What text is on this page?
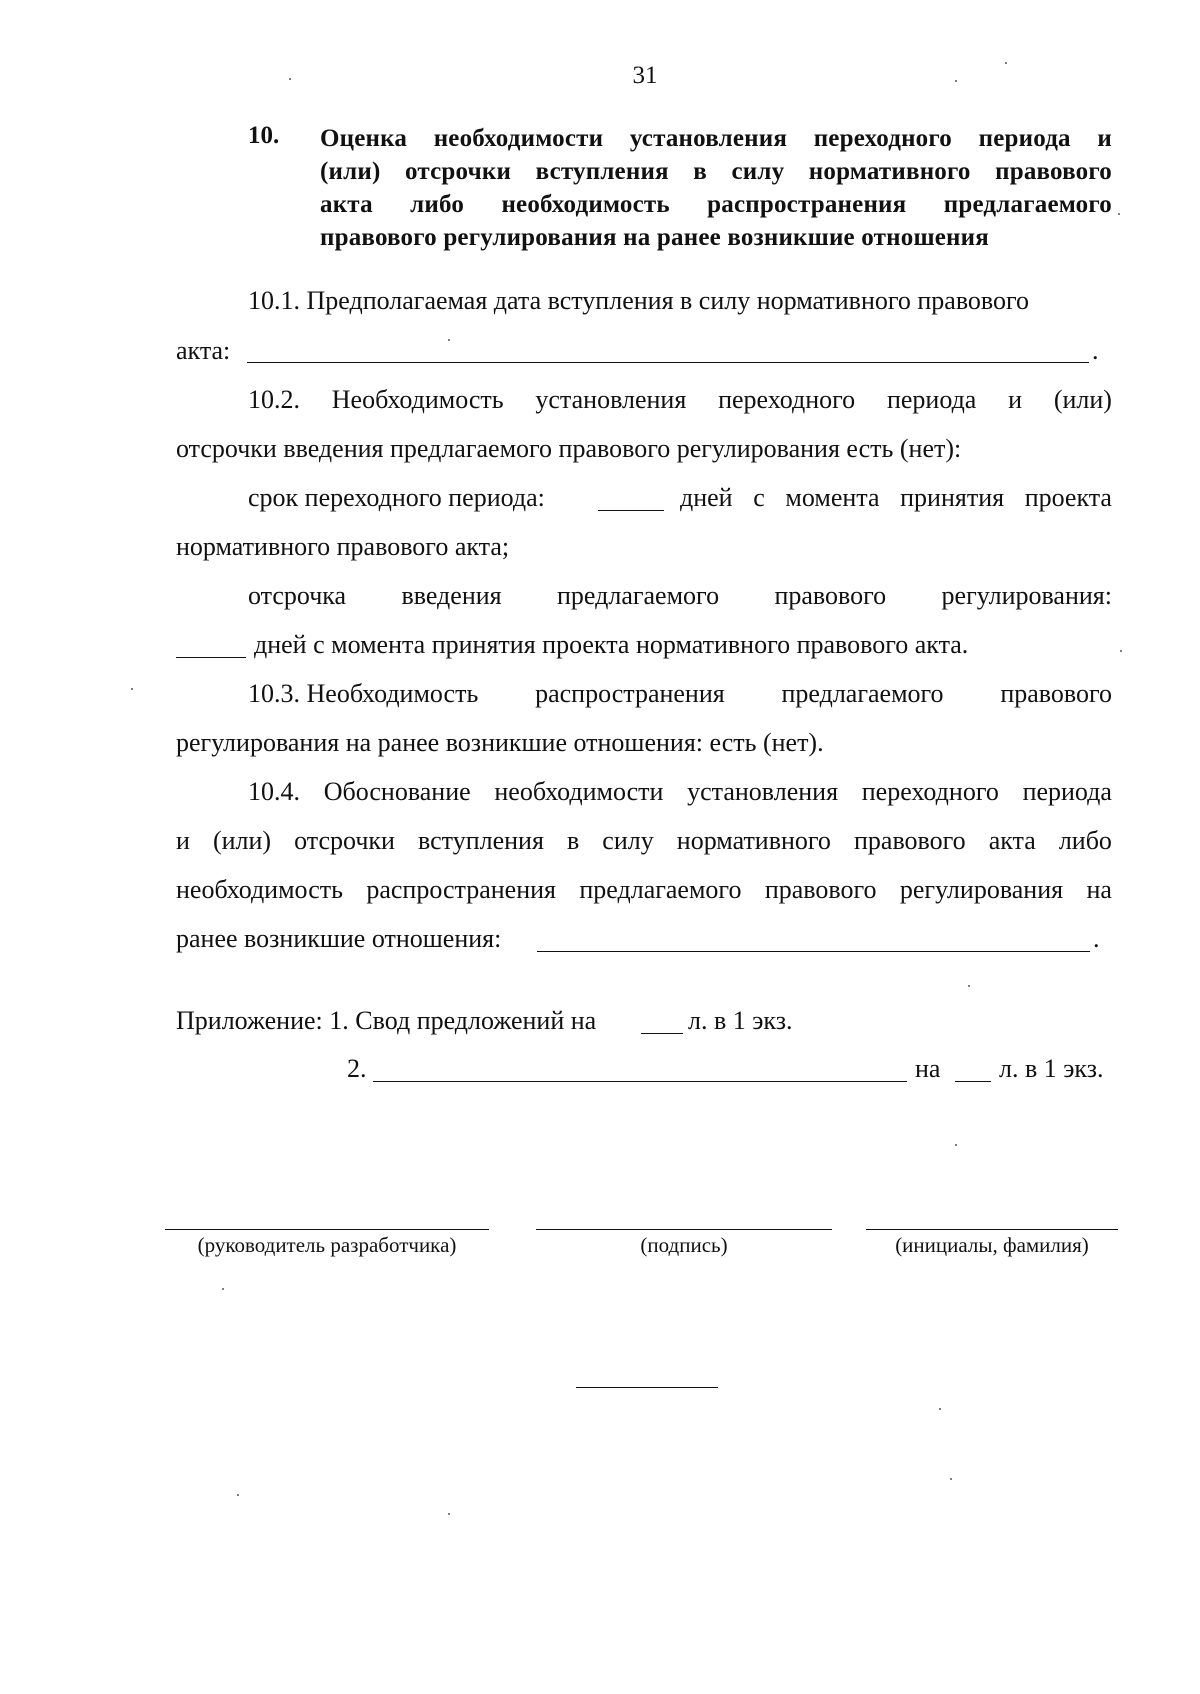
31
10. Оценка необходимости установления переходного периода и
(или) отсрочки вступления в силу нормативного правового
акта либо необходимость распространения предлагаемого
правового регулирования на ранее возникшие отношения
10.1. Предполагаемая дата вступления в силу нормативного правового
акта:	.
10.2. Необходимость установления переходного периода и (или)
отсрочки введения предлагаемого правового регулирования есть (нет):
срок переходного периода:	дней с момента принятия проекта
нормативного правового акта;
отсрочка введения предлагаемого правового регулирования:
дней с момента принятия проекта нормативного правового акта.
10.3. Необходимость распространения предлагаемого правового
регулирования на ранее возникшие отношения: есть (нет).
10.4. Обоснование необходимости установления переходного периода
и (или) отсрочки вступления в силу нормативного правового акта либо
необходимость распространения предлагаемого правового регулирования на
ранее возникшие отношения:	.
Приложение: 1. Свод предложений на	л. в 1 экз.
2.	на л. в 1 экз.
(руководитель разработчика)	(подпись)	(инициалы, фамилия)
